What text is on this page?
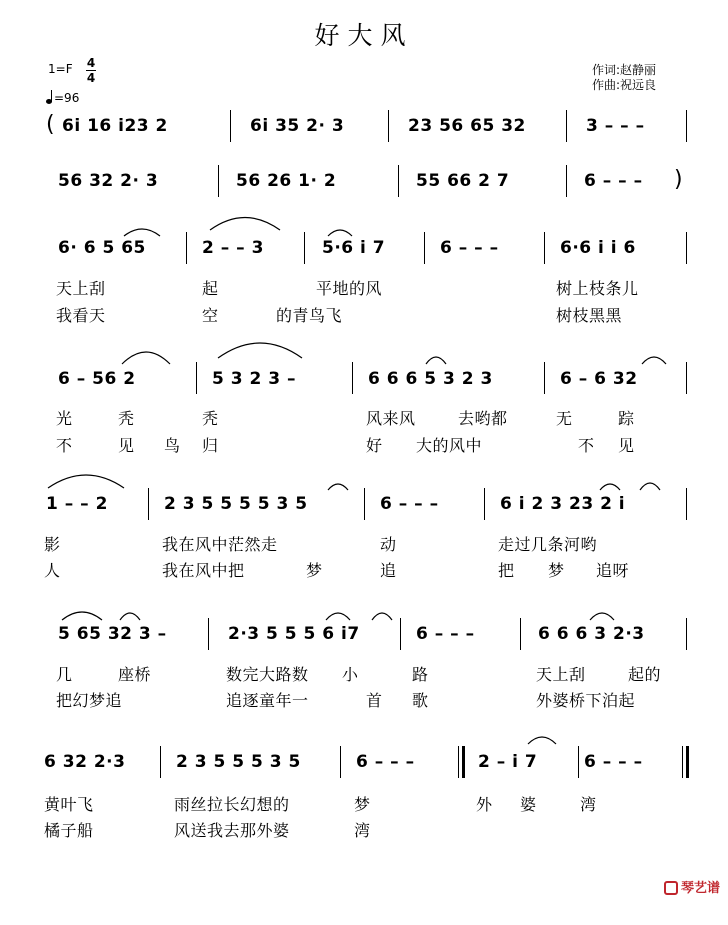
好大风
1=F 4
4
=96
作词:赵静丽
作曲:祝远良

(

6i 16 i23 2

	6i 35 2· 3

	23 56 65 32

	3 – – –

56 32 2· 3

	56 26 1· 2

	55 66 2 7

	6 – – –

)

6· 6 5 65

	2 – – 3

	5·6 i 7

	6 – – –

	6·6 i i 6

天上刮

	起

	平地的风

	树上枝条儿

我看天

	空

	的青鸟飞

	树枝黑黑

6 – 56 2

	5 3 2 3 –

	6 6 6 5 3 2 3

	6 – 6 32

光

	秃

	秃

	风来风

	去哟都

	无

	踪

不

	见

鸟

归

	好

大的风中

	不

见

1 – – 2

	2 3 5 5 5 5 3 5

	6 – – –

	6 i 2 3 23 2 i

影

	我在风中茫然走

	动

	走过几条河哟

人

	我在风中把

	梦

	追

	把

梦

追呀

5 65 32 3 –

	2·3 5 5 5 6 i7

	6 – – –

	6 6 6 3 2·3

几

	座桥

	数完大路数

小

	路

	天上刮

	起的

把幻梦追

	追逐童年一

	首

歌

	外婆桥下泊起

6 32 2·3

	2 3 5 5 5 3 5

	6 – – –

	2 – i 7

	6 – – –

黄叶飞

	雨丝拉长幻想的

	梦

	外

婆

	湾

橘子船

	风送我去那外婆

	湾

琴艺谱
